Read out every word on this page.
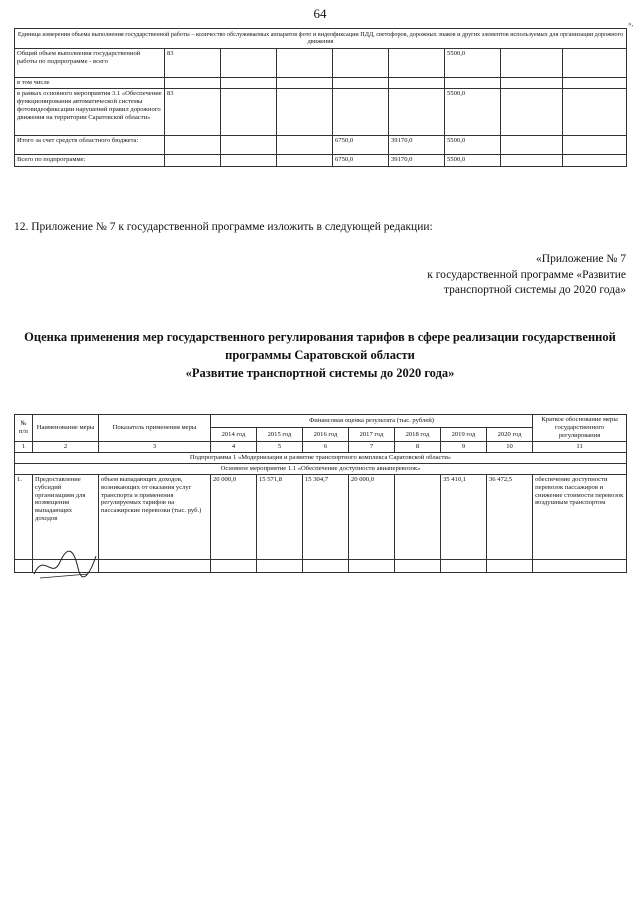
64
»,
Единица измерения объема выполнения государственной работы – количество обслуживаемых аппаратов фото и видеофиксации ПДД, светофоров, дорожных знаков и других элементов используемых для организации дорожного движения								
Общий объем выполнения государственной работы по подпрограмме - всего	83					5500,0		
в том числе								
в рамках основного мероприятия 3.1 «Обеспечение функционирования автоматической системы фотовидеофиксации нарушений правил дорожного движения на территории Саратовской области»	83					5500,0		
Итого за счет средств областного бюджета:				6750,0	39170,0	5500,0		
Всего по подпрограмме:				6750,0	39170,0	5500,0		
12. Приложение № 7 к государственной программе изложить в следующей редакции:
«Приложение № 7
к государственной программе «Развитие
транспортной системы до 2020 года»
Оценка применения мер государственного регулирования тарифов в сфере реализации государственной
программы Саратовской области
«Развитие транспортной системы до 2020 года»
№ п/п	Наименование меры	Показатель применения меры	Финансовая оценка результата (тыс. рублей)							Краткое обоснование меры государственного регулирования
			2014 год	2015 год	2016 год	2017 год	2018 год	2019 год	2020 год	
1	2	3	4	5	6	7	8	9	10	11
Подпрограмма 1 «Модернизация и развитие транспортного комплекса Саратовской области»										
Основное мероприятие 1.1 «Обеспечение доступности авиаперевозок»										
1.	Предоставление субсидий организациям для возмещения выпадающих доходов	объем выпадающих доходов, возникающих от оказания услуг транспорта и применения регулируемых тарифов на пассажирские перевозки (тыс. руб.)	20 000,0	15 571,8	15 304,7	20 000,0		35 410,1	36 472,5	обеспечение доступности перевозок пассажиров и снижение стоимости перевозок воздушным транспортом
